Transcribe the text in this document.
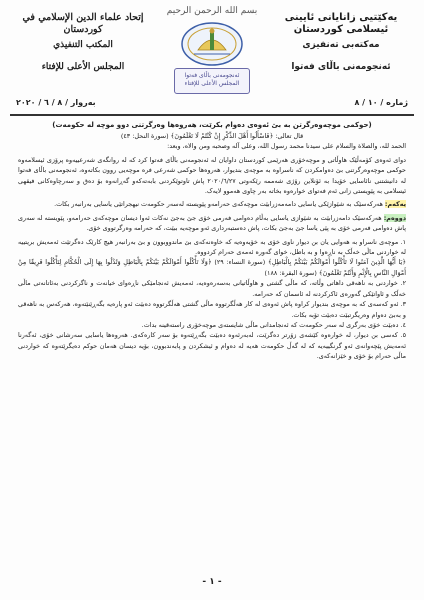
یەکێتیی زانایانی ئایینی ئیسلامی کوردستان
مەکتەبی تەنفیزی
ئەنجومەنی باڵای فەتوا
إتحاد علماء الدين الإسلامي في كوردستان
المكتب التنفيذي
المجلس الأعلى للإفتاء
بسم الله الرحمن الرحيم
ئەنجومەنی باڵای فەتوا
المجلس الأعلى للإفتاء
ژمارە / ١٠ / ٨
بەروار / ٨ / ٦ / ٢٠٢٠
(حوکمی موچەوەرگرتن بە بێ ئەوەی دەوام بکرێت، هەروەها وەرگرتنی دوو موچە لە حکومەت)
قال تعالى: ﴿فَاسْأَلُوا أَهْلَ الذِّكْرِ إِنْ كُنْتُمْ لَا تَعْلَمُونَ﴾ (سورة النحل: ٤٣)
الحمد لله، والصلاة والسلام على سيدنا محمد رسول الله، وعلى آله وصحبه ومن والاه، وبعد:
دوای ئەوەی کۆمەڵێک هاوڵاتی و موچەخۆری هەرێمی کوردستان داوایان لە ئەنجومەنی باڵای فەتوا کرد کە لە روانگەی شەرعییەوە پرۆزی ئیسلامەوە حوکمی موچەوەرگرتنی بێ دەوامکردن کە ناسراوە بە موچەی بندیوار، هەروەها حوکمی شەرعی فرە موچەیی روون بکاتەوە، ئەنجومەنی باڵای فەتوا لە دانیشتنی نائاسایی خۆیدا بە ئۆنلاین رۆژی شەممە رێکەوتی ٢٠٢٠/٦/٢٧ پاش تاوتوێکردنی بابەتەکەو گەڕانەوە بۆ دەق و سەرچاوەکانی فیقهی ئیسلامی بە پێویستی زانی ئەم فەتوای خوارەوە بخاتە بەر چاوی هەموو لایەک.
یەکەم: هەرکەسێک بە شێوازێکی یاسایی دامەمەزرابێت موچەکەی حەرامەو پێویستە لەسەر حکومەت نیهجراتێی یاسایی بەرانبەر بکات.
دووەم: هەرکەسێک دامەزرابێت بە شێوازی یاسایی بەڵام دەوامی فەرمی خۆی جێ بەجێ نەکات ئەوا دیسان موچەکەی حەرامەو، پێویستە لە سەری پاش دەوامی فەرمی خۆی بە پێی یاسا جێ بەجێ بکات، پاش دەستبەرداری ئەو موچەیە ببێت، کە حەرامە وەرگرتووی خۆی.
١. موچەی ناسراو بە هەوایی یان بن دیوار ناوی خۆی بە خۆیەوەیە کە خاوەنەکەی بێ ماندووبوون و بێ بەرانبەر هیچ کارێک دەگرتێت ئەمەیش بریتییە لە خواردنی ماڵی خەڵک بە ناڕەوا و بە باطل، خوای گەورە ئەمەی حەرام کردووە.
﴿يَا أَيُّهَا الَّذِينَ آمَنُوا لَا تَأْكُلُوا أَمْوَالَكُمْ بَيْنَكُمْ بِالْبَاطِلِ﴾ (سورة النساء: ٢٩) ﴿وَلَا تَأْكُلُوا أَمْوَالَكُمْ بَيْنَكُمْ بِالْبَاطِلِ وَتُدْلُوا بِهَا إِلَى الْحُكَّامِ لِتَأْكُلُوا فَرِيقًا مِنْ أَمْوَالِ النَّاسِ بِالْإِثْمِ وَأَنْتُمْ تَعْلَمُونَ﴾ (سورة البقرة: ١٨٨)
٢. خواردنی بە ناهەقی داهاتی وڵاتە، کە ماڵی گشتی و هاوڵاتیانی بەسەرەوەیە، ئەمەیش ئەنجامێکی ناڕەوای خیانەت و ناگرکردنی بەئاتانەتی ماڵی خەڵک و ئاواتێکی گەورەی ئاکرکردنە لە ئاسمان کە حەرامە.
٣. ئەو کەسەی کە بە موچەی بندیوار کراوە پاش ئەوەی لە کار هەڵگرتووە ماڵی گشتی هەڵگرتووە دەبێت ئەو پارەیە بگەڕێنێتەوە، هەرکەس بە ناهەقی و بەبێ دەوام وەریگرتبێت دەبێت تۆبە بکات.
٤. دەبێت خۆی بەرگری لە سەر حکومەت کە ئەنجامدانی ماڵی شایستەی موچەخۆری راستەقینە بدات.
٥. کەسی بن دیوار، لە خوارەوە کێشەی زۆرتر دەگرێت، لەبەرئەوە دەبێت بگەڕێتەوە بۆ سەر کارەکەی. هەروەها یاسایی سەرشانی خۆی، ئەگەرنا ئەمەیش پێچەوانەی ئەو گرنگییەیە کە لە گەڵ حکومەت هەیە لە دەوام و ئیشکردن و پابەندبوون، بۆیە دیسان هەمان حوکم دەیگرێتەوە کە خواردنی ماڵی حەرام بۆ خۆی و خێزانەکەی.
- ١ -
